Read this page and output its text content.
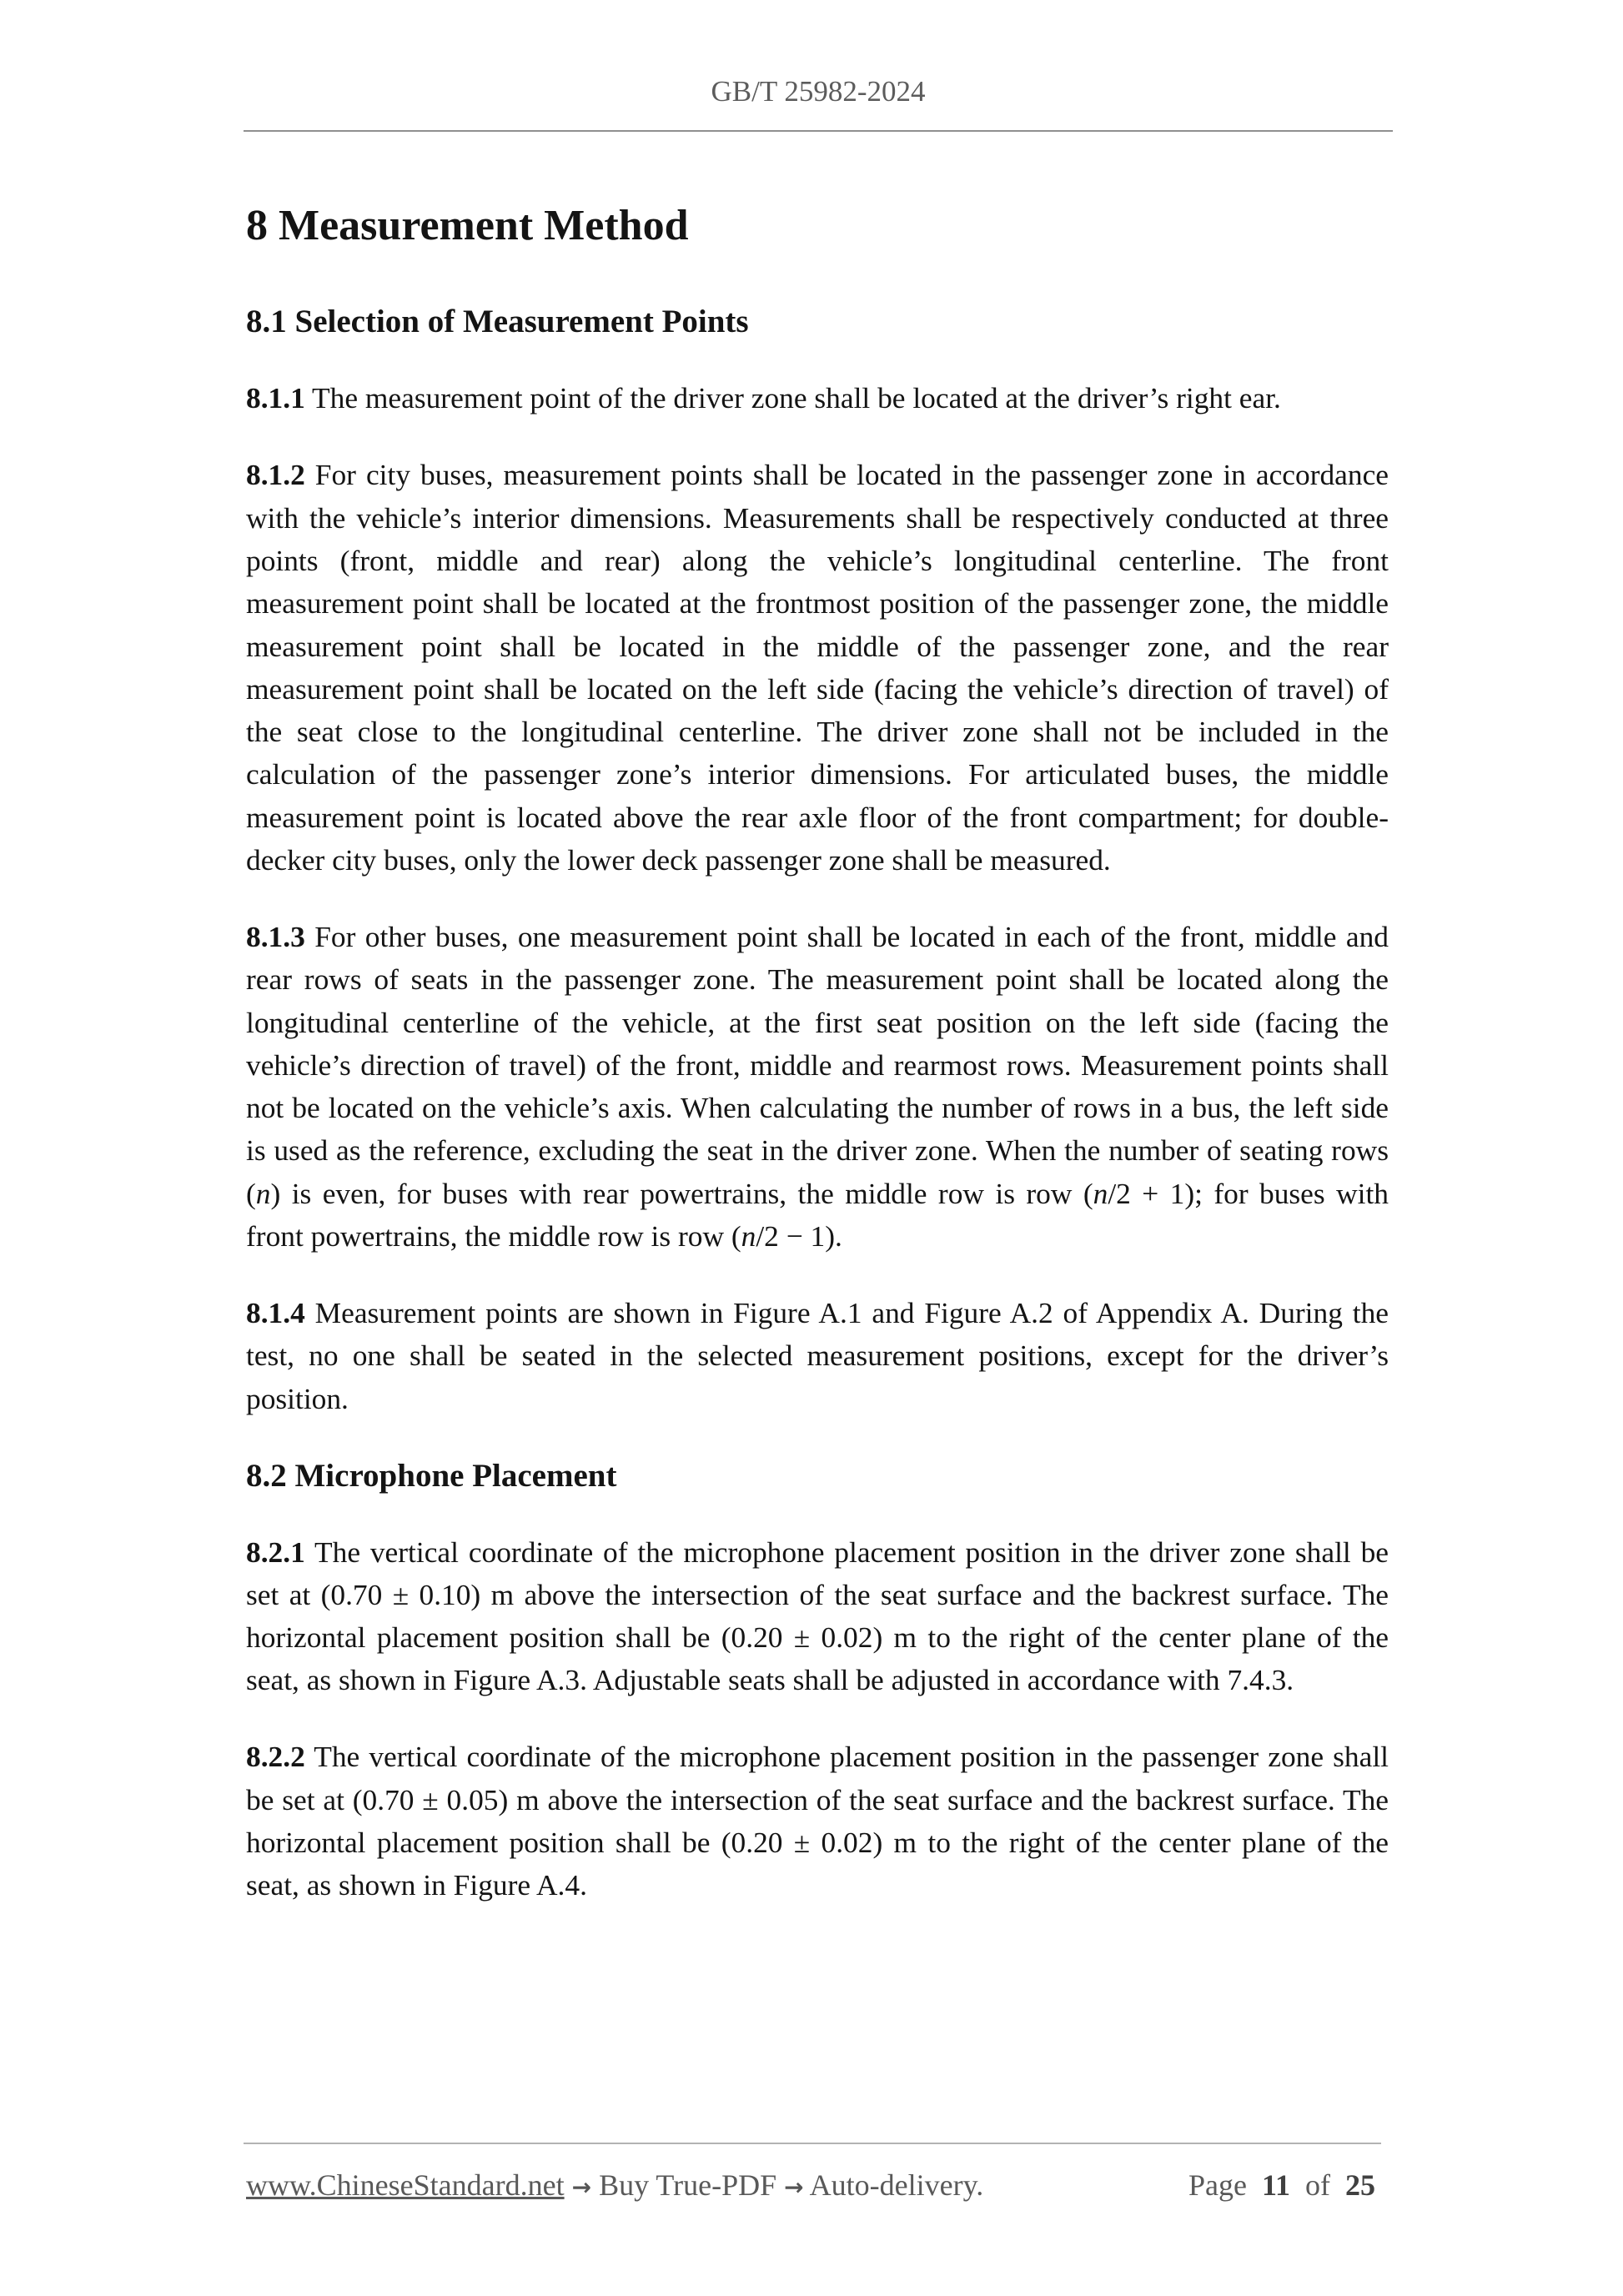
GB/T 25982-2024
8 Measurement Method
8.1 Selection of Measurement Points
8.1.1 The measurement point of the driver zone shall be located at the driver’s right ear.
8.1.2 For city buses, measurement points shall be located in the passenger zone in accordance
with the vehicle’s interior dimensions. Measurements shall be respectively conducted at three
points (front, middle and rear) along the vehicle’s longitudinal centerline. The front
measurement point shall be located at the frontmost position of the passenger zone, the middle
measurement point shall be located in the middle of the passenger zone, and the rear
measurement point shall be located on the left side (facing the vehicle’s direction of travel) of
the seat close to the longitudinal centerline. The driver zone shall not be included in the
calculation of the passenger zone’s interior dimensions. For articulated buses, the middle
measurement point is located above the rear axle floor of the front compartment; for double-
decker city buses, only the lower deck passenger zone shall be measured.
8.1.3 For other buses, one measurement point shall be located in each of the front, middle and
rear rows of seats in the passenger zone. The measurement point shall be located along the
longitudinal centerline of the vehicle, at the first seat position on the left side (facing the
vehicle’s direction of travel) of the front, middle and rearmost rows. Measurement points shall
not be located on the vehicle’s axis. When calculating the number of rows in a bus, the left side
is used as the reference, excluding the seat in the driver zone. When the number of seating rows
(n) is even, for buses with rear powertrains, the middle row is row (n/2 + 1); for buses with
front powertrains, the middle row is row (n/2 − 1).
8.1.4 Measurement points are shown in Figure A.1 and Figure A.2 of Appendix A. During the
test, no one shall be seated in the selected measurement positions, except for the driver’s
position.
8.2 Microphone Placement
8.2.1 The vertical coordinate of the microphone placement position in the driver zone shall be
set at (0.70 ± 0.10) m above the intersection of the seat surface and the backrest surface. The
horizontal placement position shall be (0.20 ± 0.02) m to the right of the center plane of the
seat, as shown in Figure A.3. Adjustable seats shall be adjusted in accordance with 7.4.3.
8.2.2 The vertical coordinate of the microphone placement position in the passenger zone shall
be set at (0.70 ± 0.05) m above the intersection of the seat surface and the backrest surface. The
horizontal placement position shall be (0.20 ± 0.02) m to the right of the center plane of the
seat, as shown in Figure A.4.
www.ChineseStandard.net → Buy True-PDF → Auto-delivery.	Page 11 of 25
